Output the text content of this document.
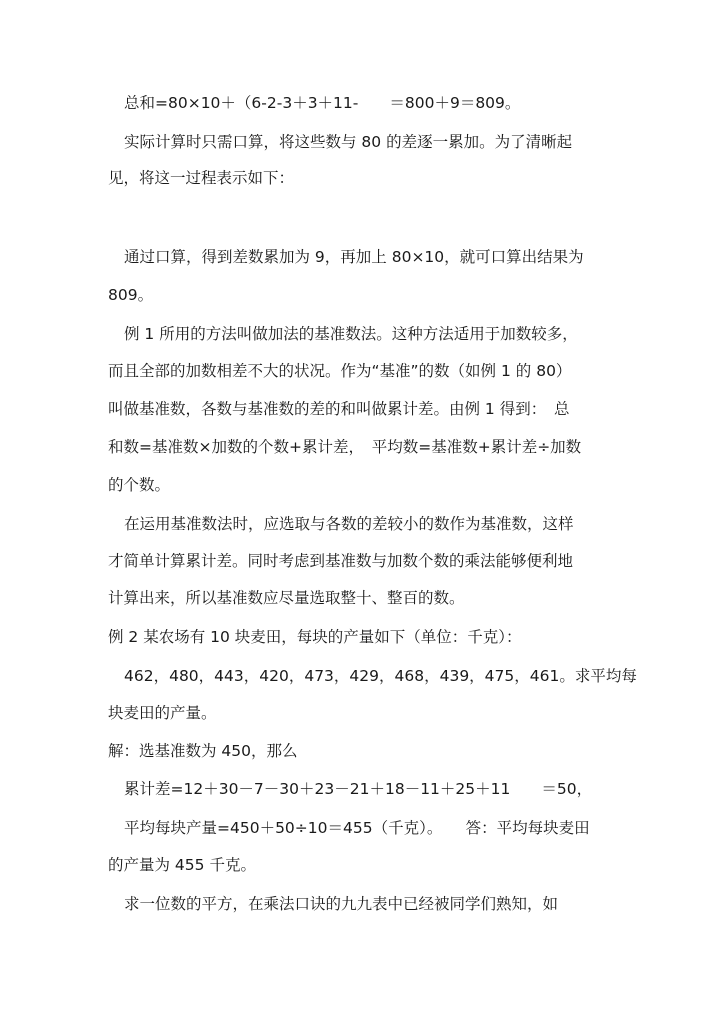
总和=80×10＋（6-2-3＋3＋11-　　＝800＋9＝809。
实际计算时只需口算，将这些数与 80 的差逐一累加。为了清晰起
见，将这一过程表示如下：
通过口算，得到差数累加为 9，再加上 80×10，就可口算出结果为
809。
例 1 所用的方法叫做加法的基准数法。这种方法适用于加数较多，
而且全部的加数相差不大的状况。作为“基准”的数（如例 1 的 80）
叫做基准数，各数与基准数的差的和叫做累计差。由例 1 得到：　总
和数=基准数×加数的个数+累计差，　平均数=基准数+累计差÷加数
的个数。
在运用基准数法时，应选取与各数的差较小的数作为基准数，这样
才简单计算累计差。同时考虑到基准数与加数个数的乘法能够便利地
计算出来，所以基准数应尽量选取整十、整百的数。
例 2 某农场有 10 块麦田，每块的产量如下（单位：千克）：
462，480，443，420，473，429，468，439，475，461。求平均每
块麦田的产量。
解：选基准数为 450，那么
累计差=12＋30－7－30＋23－21＋18－11＋25＋11　　＝50，
平均每块产量=450＋50÷10＝455（千克）。　　答：平均每块麦田
的产量为 455 千克。
求一位数的平方，在乘法口诀的九九表中已经被同学们熟知，如
